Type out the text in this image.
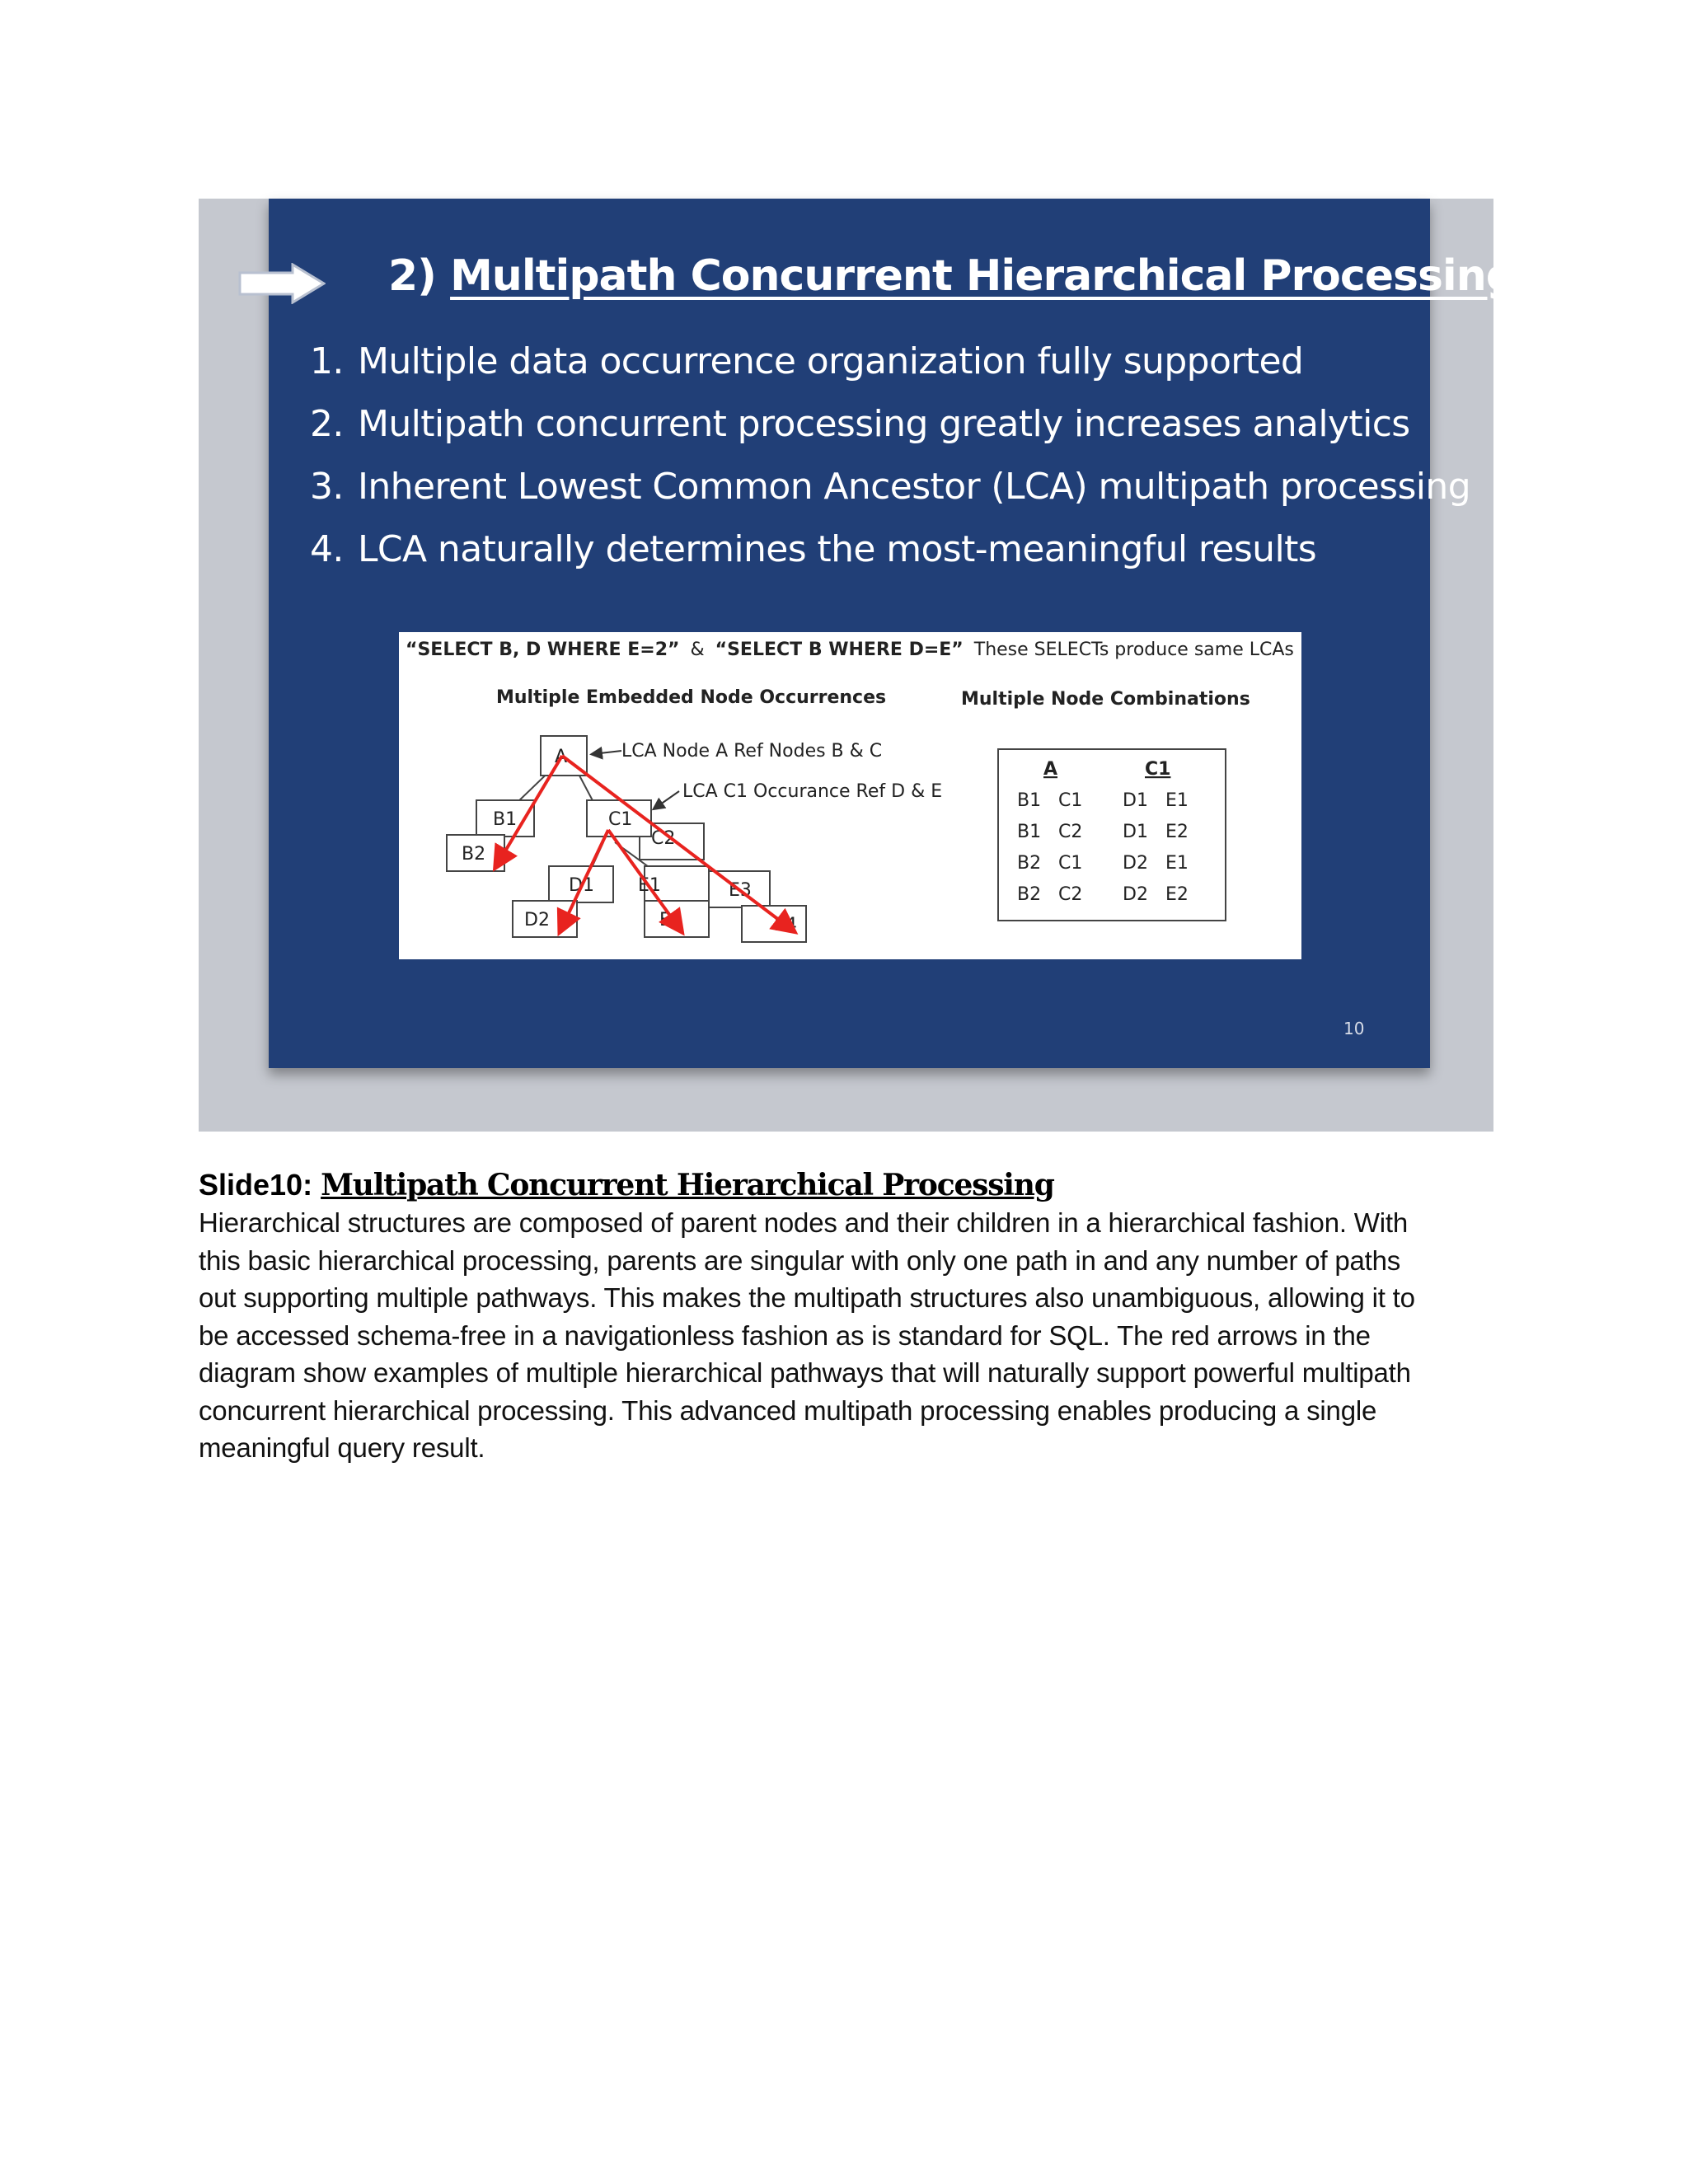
2) Multipath Concurrent Hierarchical Processing
1. Multiple data occurrence organization fully supported
2. Multipath concurrent processing greatly increases analytics
3. Inherent Lowest Common Ancestor (LCA) multipath processing
4. LCA naturally determines the most-meaningful results
“SELECT B, D WHERE E=2” & “SELECT B WHERE D=E” These SELECTs produce same LCAs
Multiple Embedded Node Occurrences	Multiple Node Combinations
A
B1
B2
C1
C2
D1
D2
E1
E2
E3
E4
LCA Node A Ref Nodes B & C
LCA C1 Occurance Ref D & E
A	C1
B1 C1 D1 E1
B1 C2 D1 E2
B2 C1 D2 E1
B2 C2 D2 E2
10
Slide10: Multipath Concurrent Hierarchical Processing

Hierarchical structures are composed of parent nodes and their children in a hierarchical fashion. With

this basic hierarchical processing, parents are singular with only one path in and any number of paths

out supporting multiple pathways. This makes the multipath structures also unambiguous, allowing it to

be accessed schema-free in a navigationless fashion as is standard for SQL. The red arrows in the

diagram show examples of multiple hierarchical pathways that will naturally support powerful multipath

concurrent hierarchical processing. This advanced multipath processing enables producing a single

meaningful query result.
